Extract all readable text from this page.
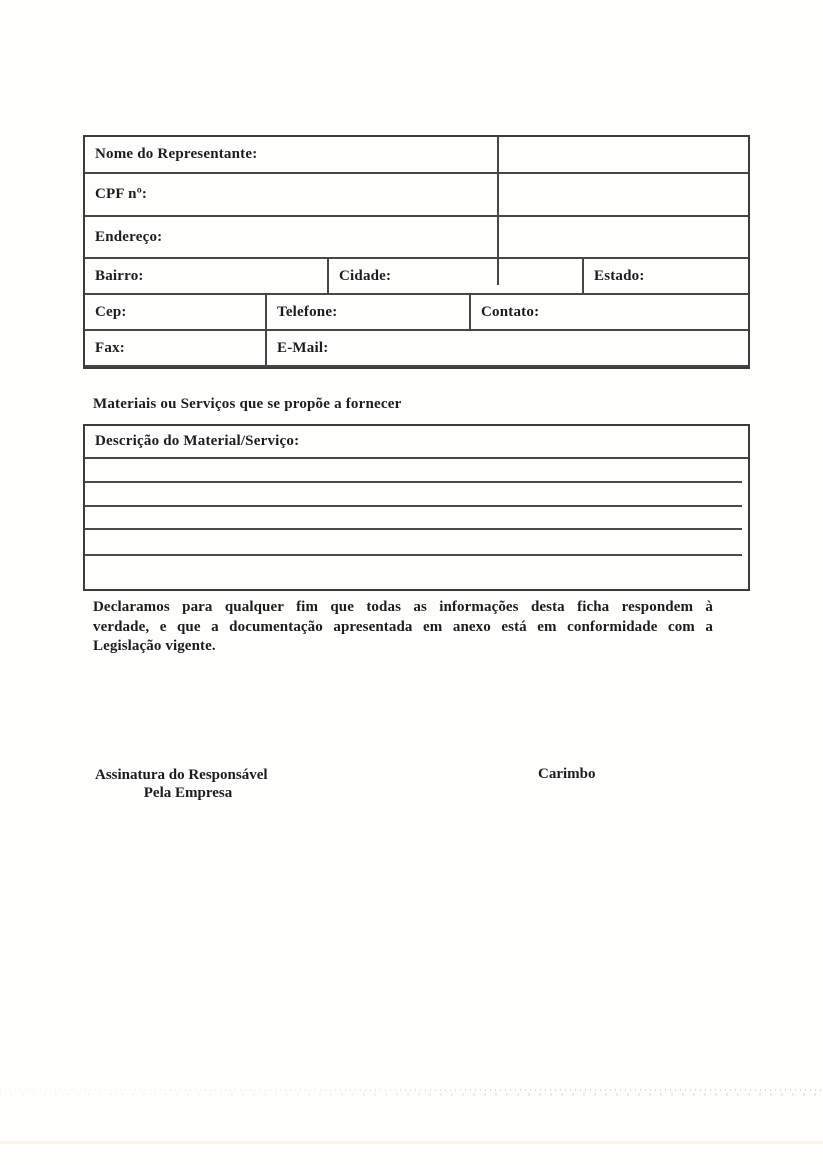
Nome do Representante:
CPF nº:
Endereço:
Bairro:	Cidade:	Estado:
Cep:	Telefone:	Contato:
Fax:	E-Mail:
Materiais ou Serviços que se propõe a fornecer
Descrição do Material/Serviço:
Declaramos para qualquer fim que todas as informações desta ficha respondem à
verdade, e que a documentação apresentada em anexo está em conformidade com a
Legislação vigente.
Assinatura do Responsável
Pela Empresa
Carimbo
